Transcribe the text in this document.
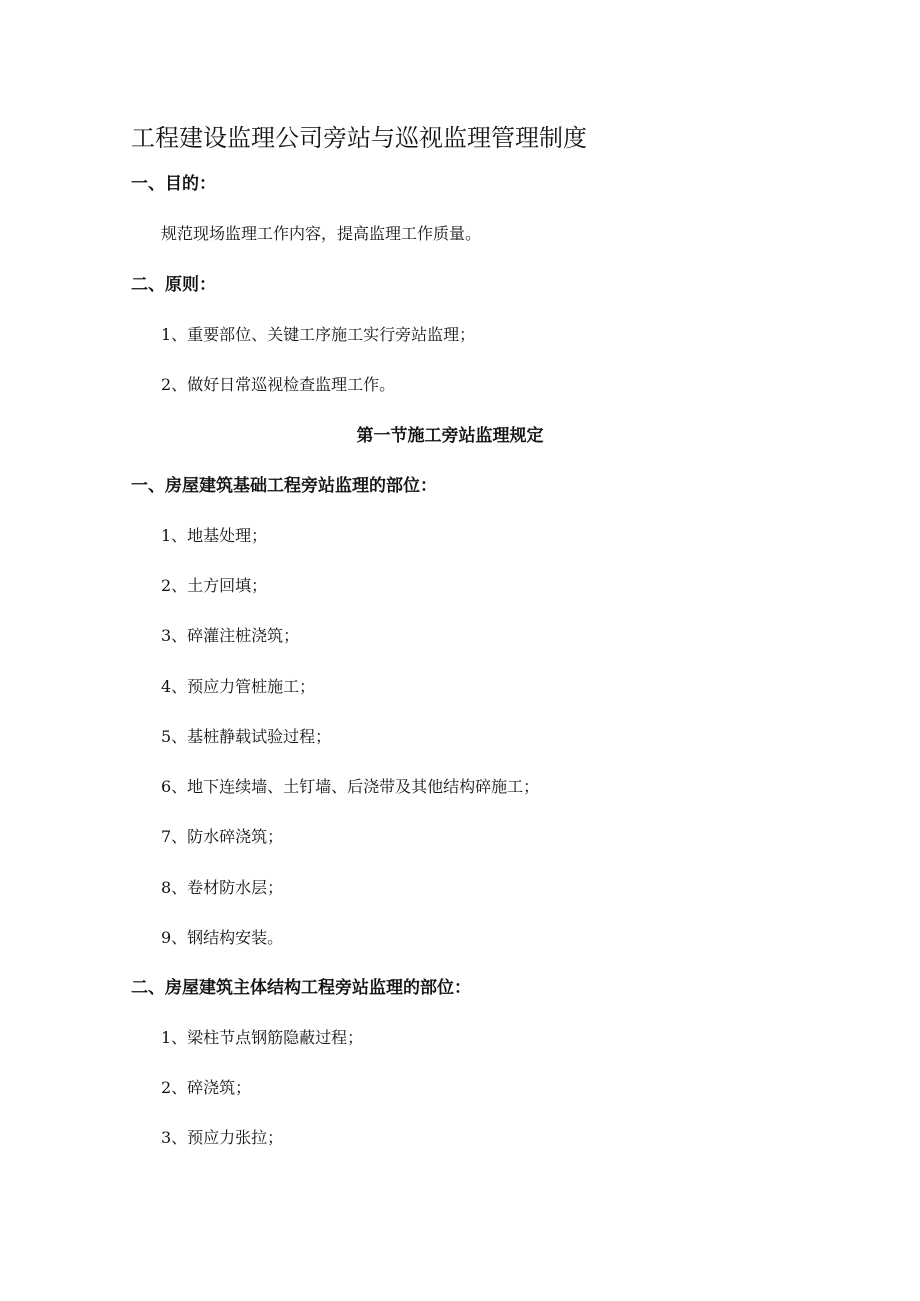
工程建设监理公司旁站与巡视监理管理制度
一、目的：
规范现场监理工作内容，提高监理工作质量。
二、原则：
1、重要部位、关键工序施工实行旁站监理；
2、做好日常巡视检查监理工作。
第一节施工旁站监理规定
一、房屋建筑基础工程旁站监理的部位：
1、地基处理；
2、土方回填；
3、碎灌注桩浇筑；
4、预应力管桩施工；
5、基桩静载试验过程；
6、地下连续墙、土钉墙、后浇带及其他结构碎施工；
7、防水碎浇筑；
8、卷材防水层；
9、钢结构安装。
二、房屋建筑主体结构工程旁站监理的部位：
1、梁柱节点钢筋隐蔽过程；
2、碎浇筑；
3、预应力张拉；
